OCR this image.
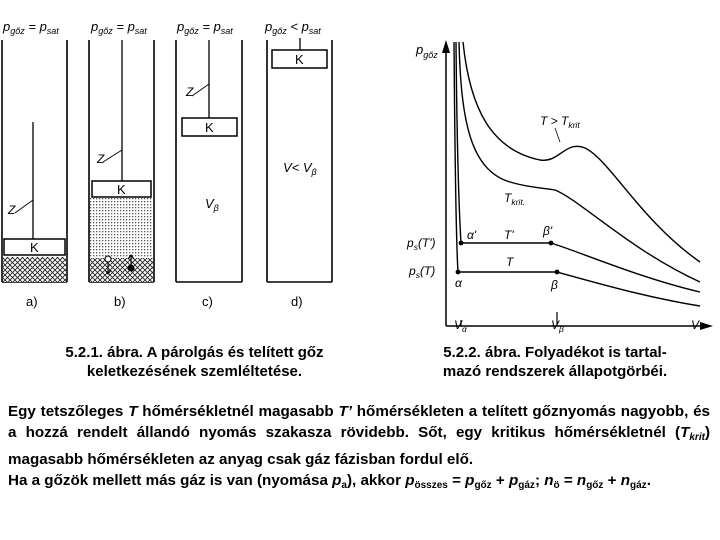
$p_{gőz} = p_{sat}$ $p_{gőz} = p_{sat}$ $p_{gőz} = p_{sat}$ $p_{gőz} < p_{sat}$
K
Z
a)
K
Z
b)
K
Z
$V_\beta$
c)
K
$V< V_\beta$
d)
$p_{gőz}$
$T > T_{krit}$
$T_{krit.}$
α'	β'
T'
T
α	β
$p_s(T')$
$p_s(T)$
$V_\alpha$	$V_\beta$	V
5.2.1. ábra. A párolgás és telített gőz
keletkezésének szemléltetése.
5.2.2. ábra. Folyadékot is tartal-
mazó rendszerek állapotgörbéi.

Egy tetszőleges T hőmérsékletnél magasabb T’ hőmérsékleten a telített gőznyomás nagyobb, és a hozzá rendelt állandó nyomás szakasza rövidebb. Sőt, egy kritikus hőmérsékletnél $(T_{krit})$ magasabb hőmérsékleten az anyag csak gáz fázisban fordul elő.

Ha a gőzök mellett más gáz is van (nyomása $p_a$), akkor $p_{összes} = p_{gőz} + p_{gáz}$; $n_ö = n_{gőz} + n_{gáz}$.
